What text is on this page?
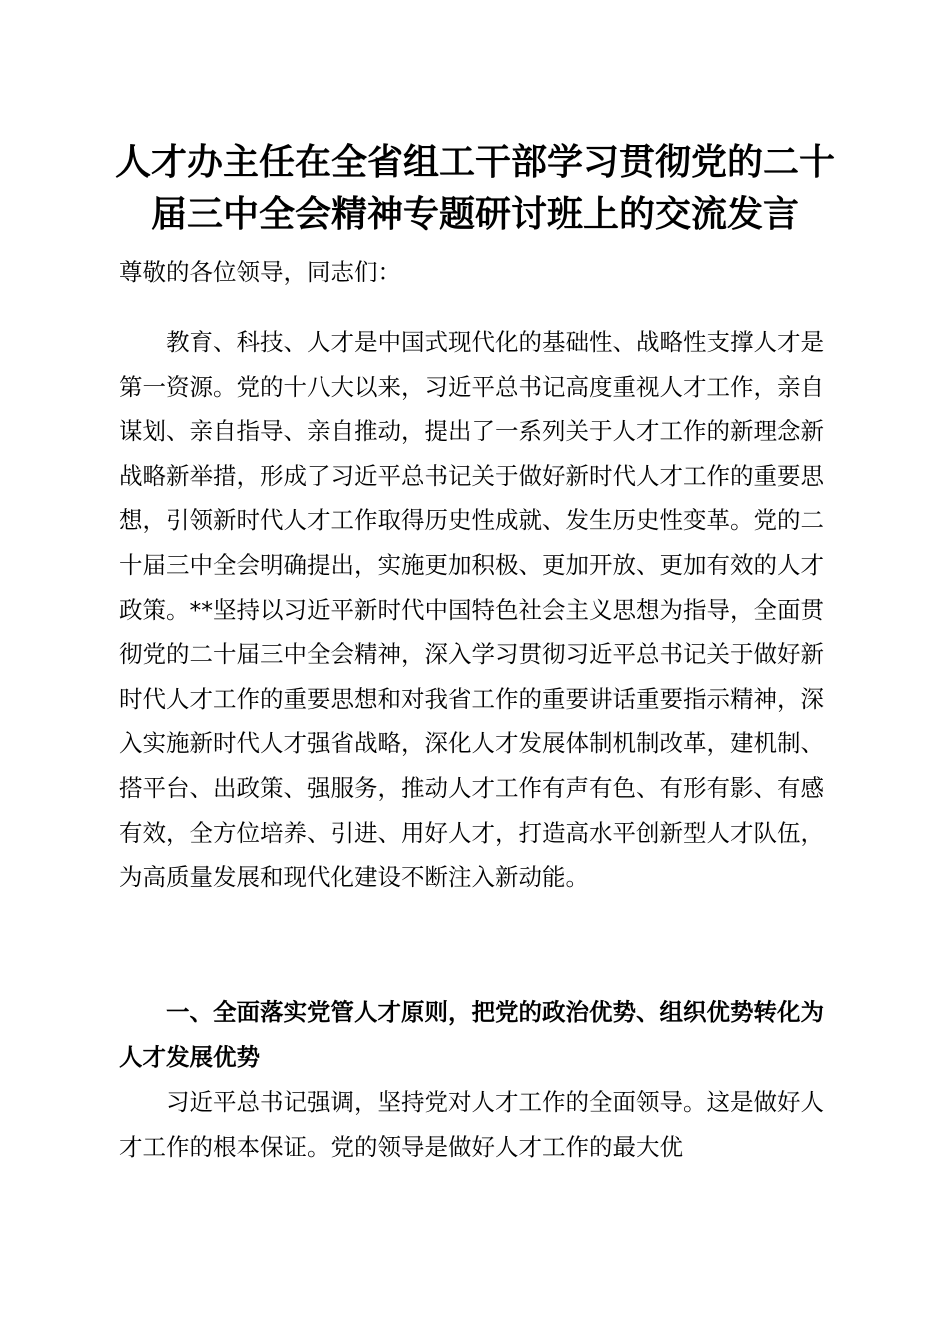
人才办主任在全省组工干部学习贯彻党的二十
届三中全会精神专题研讨班上的交流发言

尊敬的各位领导，同志们：

教育、科技、人才是中国式现代化的基础性、战略性支撑人才是第一资源。党的十八大以来，习近平总书记高度重视人才工作，亲自谋划、亲自指导、亲自推动，提出了一系列关于人才工作的新理念新战略新举措，形成了习近平总书记关于做好新时代人才工作的重要思想，引领新时代人才工作取得历史性成就、发生历史性变革。党的二十届三中全会明确提出，实施更加积极、更加开放、更加有效的人才政策。**坚持以习近平新时代中国特色社会主义思想为指导，全面贯彻党的二十届三中全会精神，深入学习贯彻习近平总书记关于做好新时代人才工作的重要思想和对我省工作的重要讲话重要指示精神，深入实施新时代人才强省战略，深化人才发展体制机制改革，建机制、搭平台、出政策、强服务，推动人才工作有声有色、有形有影、有感有效，全方位培养、引进、用好人才，打造高水平创新型人才队伍，为高质量发展和现代化建设不断注入新动能。

一、全面落实党管人才原则，把党的政治优势、组织优势转化为人才发展优势

习近平总书记强调，坚持党对人才工作的全面领导。这是做好人才工作的根本保证。党的领导是做好人才工作的最大优
